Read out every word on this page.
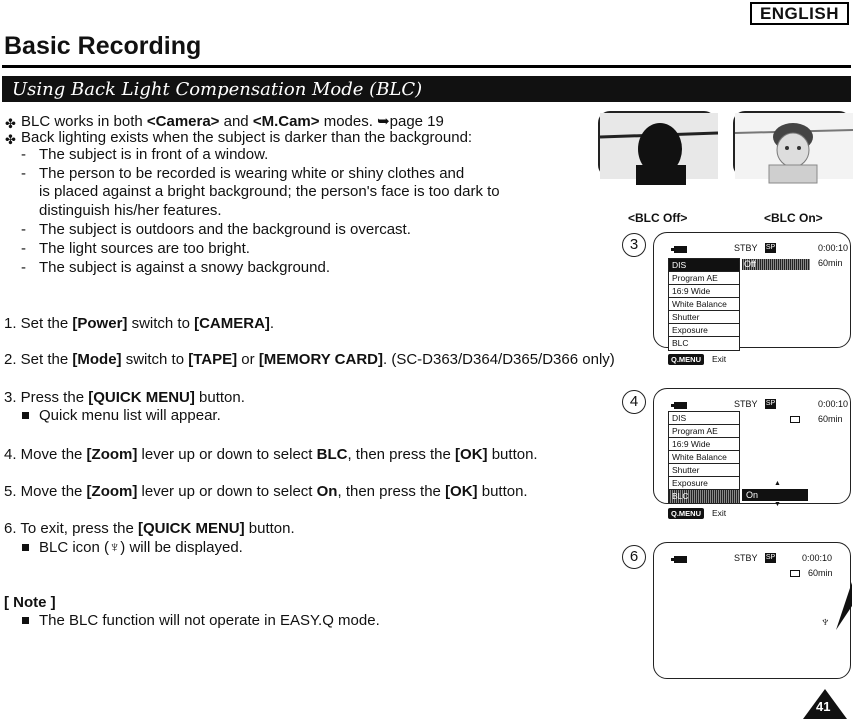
ENGLISH
Basic Recording
Using Back Light Compensation Mode (BLC)
✤ BLC works in both <Camera> and <M.Cam> modes. ➥page 19
✤ Back lighting exists when the subject is darker than the background:
- The subject is in front of a window.
- The person to be recorded is wearing white or shiny clothes and
is placed against a bright background; the person's face is too dark to
distinguish his/her features.
- The subject is outdoors and the background is overcast.
- The light sources are too bright.
- The subject is against a snowy background.
1. Set the [Power] switch to [CAMERA].
2. Set the [Mode] switch to [TAPE] or [MEMORY CARD]. (SC-D363/D364/D365/D366 only)
3. Press the [QUICK MENU] button.
Quick menu list will appear.
4. Move the [Zoom] lever up or down to select BLC, then press the [OK] button.
5. Move the [Zoom] lever up or down to select On, then press the [OK] button.
6. To exit, press the [QUICK MENU] button.
BLC icon (♆) will be displayed.
[ Note ]
The BLC function will not operate in EASY.Q mode.
<BLC Off>	<BLC On>
3	STBY SP	0:00:10
60min
DIS
Program AE
16:9 Wide
White Balance
Shutter
Exposure
BLC
Off
Q.MENU	Exit
4	STBY SP	0:00:10
60min
DIS
Program AE
16:9 Wide
White Balance
Shutter
Exposure
BLC	On
▲
▼
Q.MENU	Exit
6	STBY SP	0:00:10
60min
♆
41
